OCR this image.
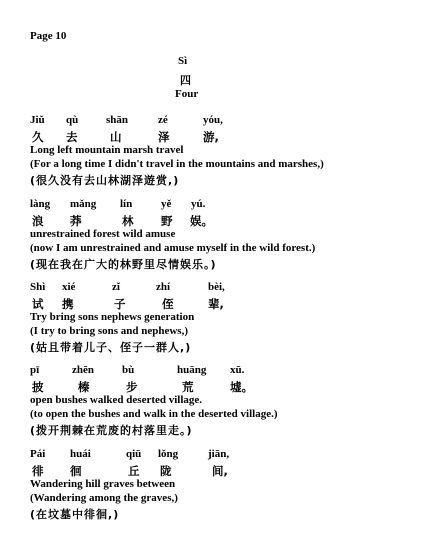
Page 10
Sì
四
Four
Jiǔ qù	shān	zé	yóu,
久 去	山	泽	游,
Long left mountain marsh travel
(For a long time I didn't travel in the mountains and marshes,)
(很久没有去山林湖泽遊赏,)
làng mǎng lín	yě yú.
浪 莽	林 野 娱。
unrestrained forest wild amuse
(now I am unrestrained and amuse myself in the wild forest.)
(现在我在广大的林野里尽情娱乐。)
Shì xié	zǐ	zhí	bèi,
试 携	子	侄	辈,
Try bring sons nephews generation
(I try to bring sons and nephews,)
(姑且带着儿子、侄子一群人,)
pī	zhēn	bù	huāng xū.
披	榛	步	荒	墟。
open bushes walked deserted village.
(to open the bushes and walk in the deserted village.)
(拨开荆棘在荒废的村落里走。)
Pái huái	qiū lǒng	jiān,
徘 徊	丘 陇	间,
Wandering hill graves between
(Wandering among the graves,)
(在坟墓中徘徊,)
